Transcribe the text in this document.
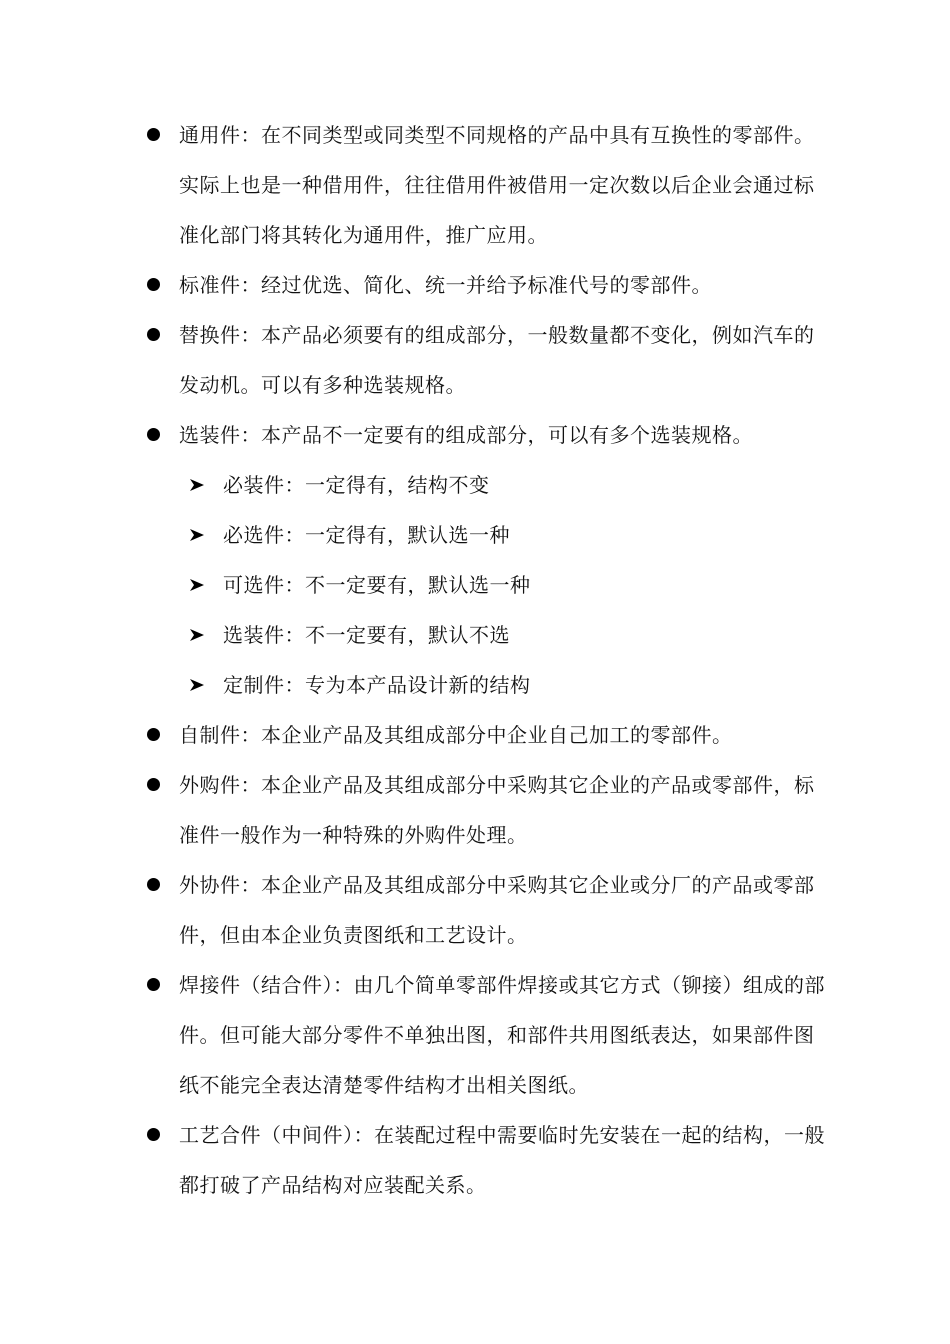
通用件：在不同类型或同类型不同规格的产品中具有互换性的零部件。实际上也是一种借用件，往往借用件被借用一定次数以后企业会通过标准化部门将其转化为通用件，推广应用。
标准件：经过优选、简化、统一并给予标准代号的零部件。
替换件：本产品必须要有的组成部分，一般数量都不变化，例如汽车的发动机。可以有多种选装规格。
选装件：本产品不一定要有的组成部分，可以有多个选装规格。
必装件：一定得有，结构不变
必选件：一定得有，默认选一种
可选件：不一定要有，默认选一种
选装件：不一定要有，默认不选
定制件：专为本产品设计新的结构
自制件：本企业产品及其组成部分中企业自己加工的零部件。
外购件：本企业产品及其组成部分中采购其它企业的产品或零部件，标准件一般作为一种特殊的外购件处理。
外协件：本企业产品及其组成部分中采购其它企业或分厂的产品或零部件，但由本企业负责图纸和工艺设计。
焊接件（结合件）：由几个简单零部件焊接或其它方式（铆接）组成的部件。但可能大部分零件不单独出图，和部件共用图纸表达，如果部件图纸不能完全表达清楚零件结构才出相关图纸。
工艺合件（中间件）：在装配过程中需要临时先安装在一起的结构，一般都打破了产品结构对应装配关系。
